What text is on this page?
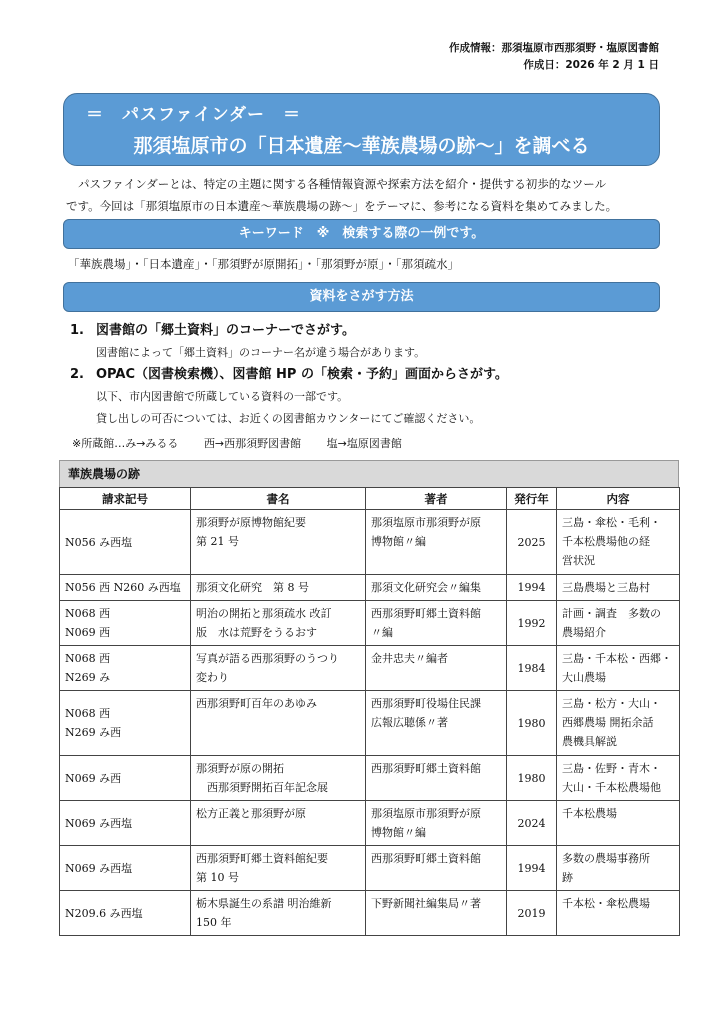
作成情報：那須塩原市西那須野・塩原図書館
作成日：2026 年 2 月 1 日
＝　パスファインダー　＝
那須塩原市の「日本遺産～華族農場の跡～」を調べる

パスファインダーとは、特定の主題に関する各種情報資源や探索方法を紹介・提供する初歩的なツール

です。今回は「那須塩原市の日本遺産～華族農場の跡～」をテーマに、参考になる資料を集めてみました。

キーワード　※　検索する際の一例です。
「華族農場」・「日本遺産」・「那須野が原開拓」・「那須野が原」・「那須疏水」
資料をさがす方法
1. 図書館の「郷土資料」のコーナーでさがす。
図書館によって「郷土資料」のコーナー名が違う場合があります。
2. OPAC（図書検索機）、図書館 HP の「検索・予約」画面からさがす。
以下、市内図書館で所蔵している資料の一部です。
貸し出しの可否については、お近くの図書館カウンターにてご確認ください。
※所蔵館…み→みるる 西→西那須野図書館 塩→塩原図書館
華族農場の跡
請求記号	書名	著者	発行年	内容

N056 み西塩	那須野が原博物館紀要
第 21 号	那須塩原市那須野が原
博物館〃編	2025	三島・傘松・毛利・
千本松農場他の経
営状況

N056 西 N260 み西塩	那須文化研究　第 8 号	那須文化研究会〃編集	1994	三島農場と三島村

N068 西
N069 西	明治の開拓と那須疏水 改訂
版　水は荒野をうるおす	西那須野町郷土資料館
〃編	1992	計画・調査　多数の
農場紹介

N068 西
N269 み	写真が語る西那須野のうつり
変わり	金井忠夫〃編者	1984	三島・千本松・西郷・
大山農場

N068 西
N269 み西	西那須野町百年のあゆみ	西那須野町役場住民課
広報広聴係〃著	1980	三島・松方・大山・
西郷農場 開拓余話
農機具解説

N069 み西	那須野が原の開拓
　西那須野開拓百年記念展	西那須野町郷土資料館	1980	三島・佐野・青木・
大山・千本松農場他

N069 み西塩	松方正義と那須野が原	那須塩原市那須野が原
博物館〃編	2024	千本松農場

N069 み西塩	西那須野町郷土資料館紀要
第 10 号	西那須野町郷土資料館	1994	多数の農場事務所
跡

N209.6 み西塩	栃木県誕生の系譜 明治維新
150 年	下野新聞社編集局〃著	2019	千本松・傘松農場
